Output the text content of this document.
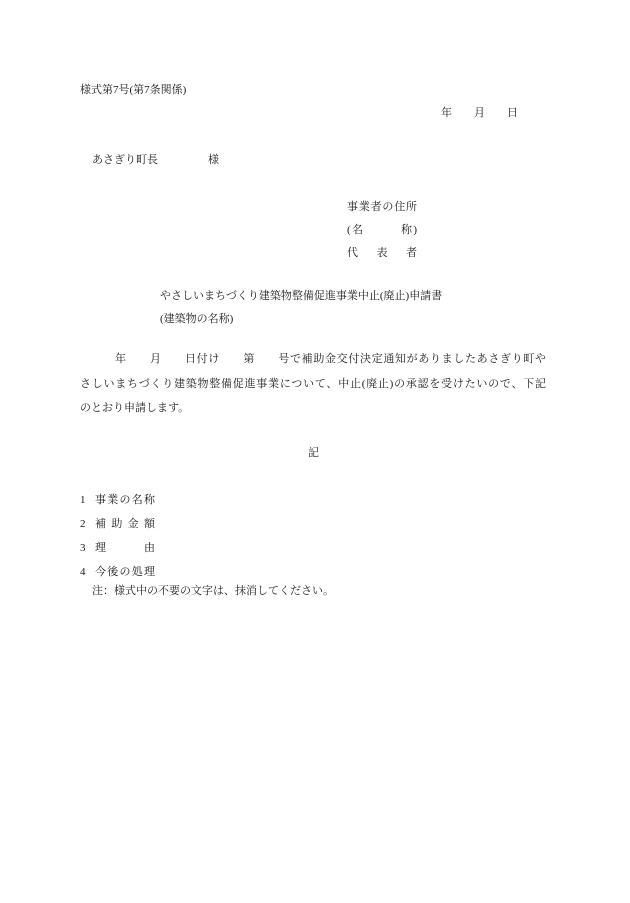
様式第7号(第7条関係)
年　　月　　日
あさぎり町長	様
事業者の住所
(名　　　称)
代　表　者
やさしいまちづくり建築物整備促進事業中止(廃止)申請書
(建築物の名称)
　　　年　　月　　日付け　　第　　号で補助金交付決定通知がありましたあさぎり町や
さしいまちづくり建築物整備促進事業について、中止(廃止)の承認を受けたいので、下記
のとおり申請します。
記
1 事業の名称
2 補 助 金 額
3 理　　　由
4 今後の処理
注：様式中の不要の文字は、抹消してください。
